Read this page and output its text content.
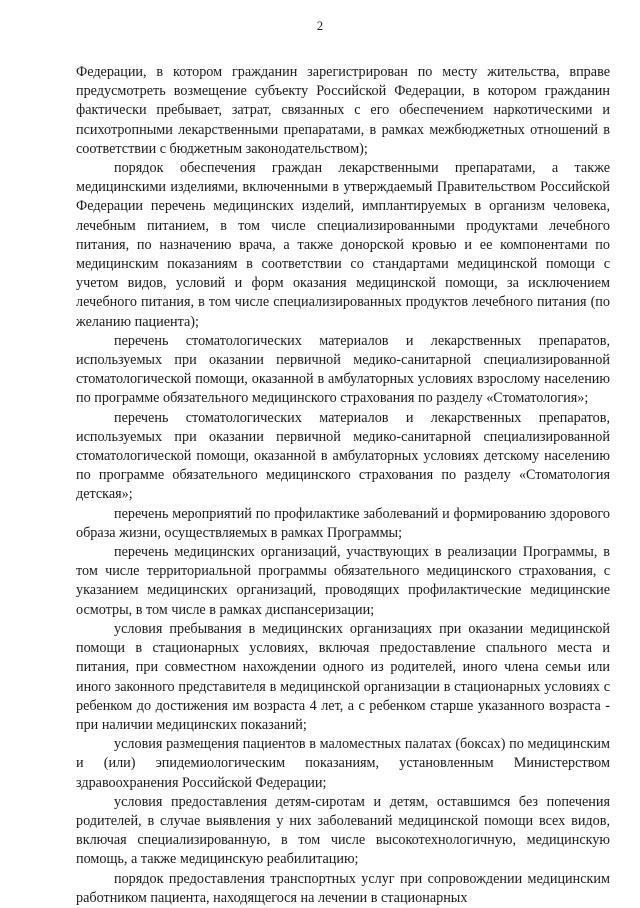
2

Федерации, в котором гражданин зарегистрирован по месту жительства, вправе предусмотреть возмещение субъекту Российской Федерации, в котором гражданин фактически пребывает, затрат, связанных с его обеспечением наркотическими и психотропными лекарственными препаратами, в рамках межбюджетных отношений в соответствии с бюджетным законодательством);

порядок обеспечения граждан лекарственными препаратами, а также медицинскими изделиями, включенными в утверждаемый Правительством Российской Федерации перечень медицинских изделий, имплантируемых в организм человека, лечебным питанием, в том числе специализированными продуктами лечебного питания, по назначению врача, а также донорской кровью и ее компонентами по медицинским показаниям в соответствии со стандартами медицинской помощи с учетом видов, условий и форм оказания медицинской помощи, за исключением лечебного питания, в том числе специализированных продуктов лечебного питания (по желанию пациента);

перечень стоматологических материалов и лекарственных препаратов, используемых при оказании первичной медико-санитарной специализированной стоматологической помощи, оказанной в амбулаторных условиях взрослому населению по программе обязательного медицинского страхования по разделу «Стоматология»;

перечень стоматологических материалов и лекарственных препаратов, используемых при оказании первичной медико-санитарной специализированной стоматологической помощи, оказанной в амбулаторных условиях детскому населению по программе обязательного медицинского страхования по разделу «Стоматология детская»;

перечень мероприятий по профилактике заболеваний и формированию здорового образа жизни, осуществляемых в рамках Программы;

перечень медицинских организаций, участвующих в реализации Программы, в том числе территориальной программы обязательного медицинского страхования, с указанием медицинских организаций, проводящих профилактические медицинские осмотры, в том числе в рамках диспансеризации;

условия пребывания в медицинских организациях при оказании медицинской помощи в стационарных условиях, включая предоставление спального места и питания, при совместном нахождении одного из родителей, иного члена семьи или иного законного представителя в медицинской организации в стационарных условиях с ребенком до достижения им возраста 4 лет, а с ребенком старше указанного возраста - при наличии медицинских показаний;

условия размещения пациентов в маломестных палатах (боксах) по медицинским и (или) эпидемиологическим показаниям, установленным Министерством здравоохранения Российской Федерации;

условия предоставления детям-сиротам и детям, оставшимся без попечения родителей, в случае выявления у них заболеваний медицинской помощи всех видов, включая специализированную, в том числе высокотехнологичную, медицинскую помощь, а также медицинскую реабилитацию;

порядок предоставления транспортных услуг при сопровождении медицинским работником пациента, находящегося на лечении в стационарных
